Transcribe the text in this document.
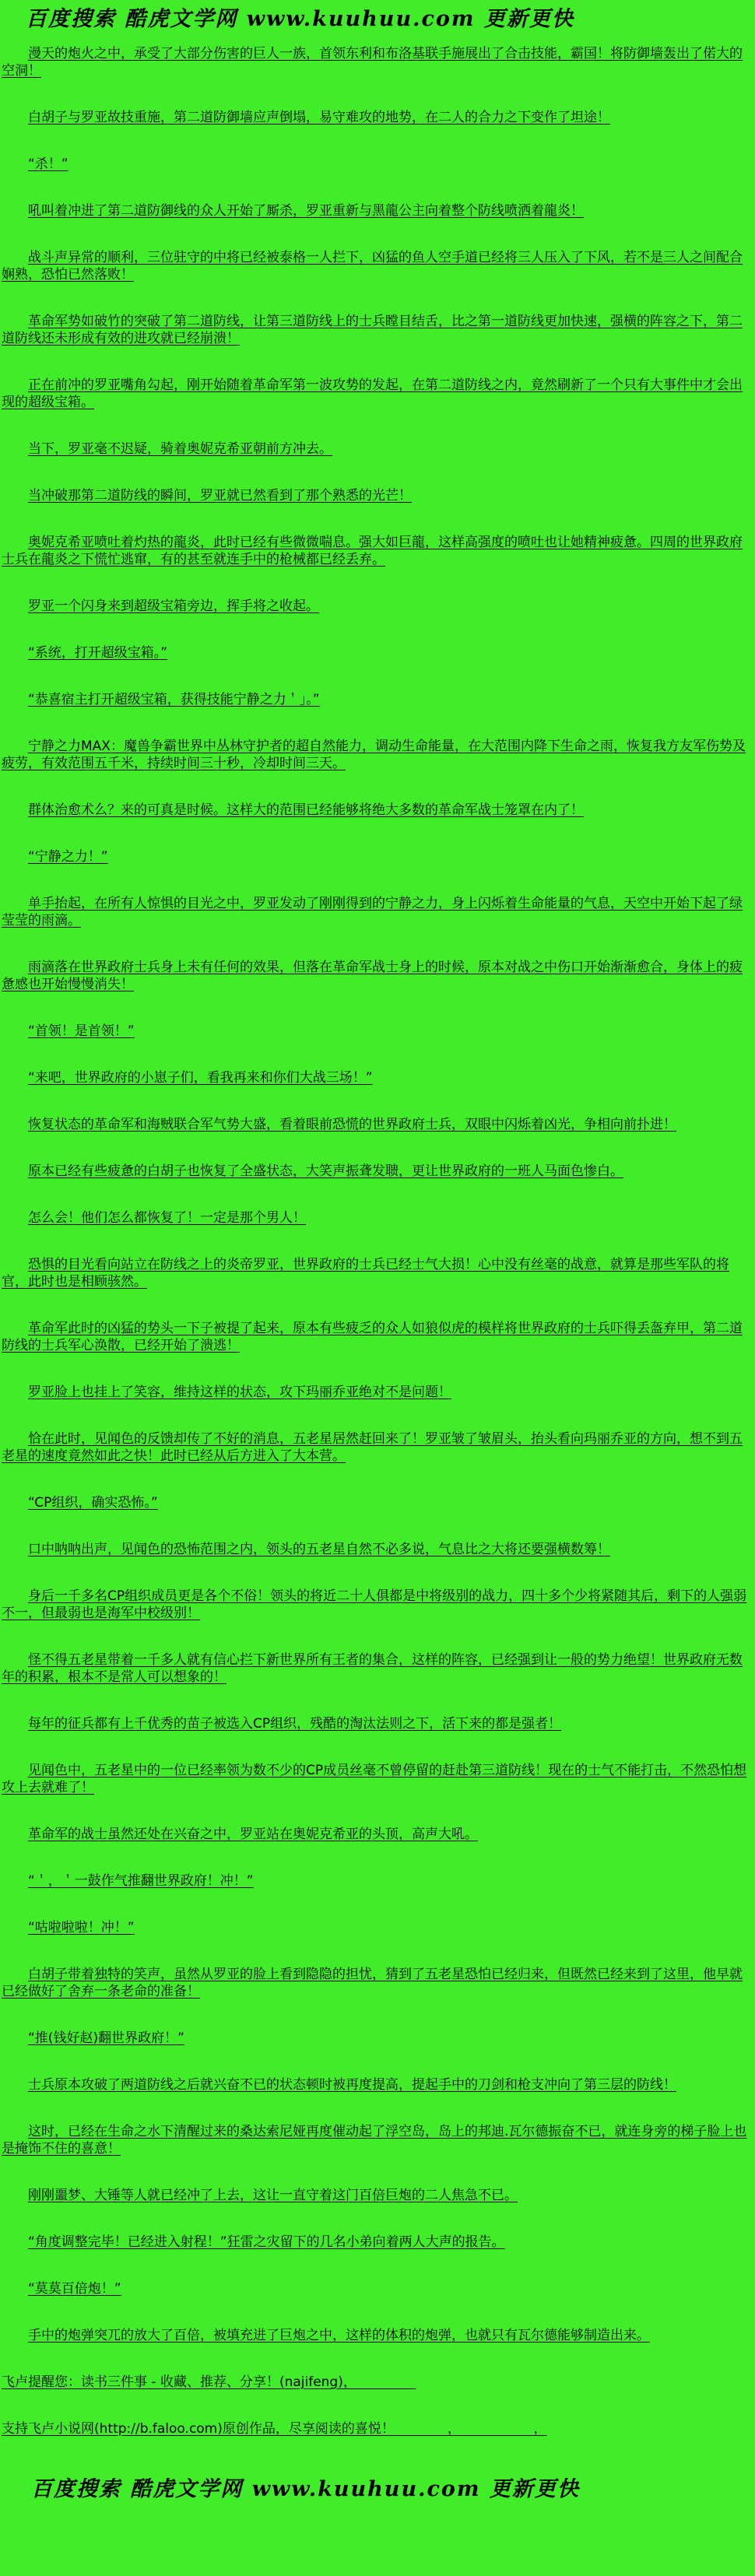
百度搜索 酷虎文学网 www.kuuhuu.com 更新更快

漫天的炮火之中，承受了大部分伤害的巨人一族，首领东利和布洛基联手施展出了合击技能，霸国！将防御墙轰出了偌大的空洞！

白胡子与罗亚故技重施，第二道防御墙应声倒塌，易守难攻的地势，在二人的合力之下变作了坦途！

“杀！”

吼叫着冲进了第二道防御线的众人开始了厮杀，罗亚重新与黑龍公主向着整个防线喷洒着龍炎！

战斗声异常的顺利，三位驻守的中将已经被泰格一人拦下，凶猛的鱼人空手道已经将三人压入了下风，若不是三人之间配合娴熟，恐怕已然落败！

革命军势如破竹的突破了第二道防线，让第三道防线上的士兵瞠目结舌，比之第一道防线更加快速，强横的阵容之下，第二道防线还未形成有效的进攻就已经崩溃！

正在前冲的罗亚嘴角勾起，刚开始随着革命军第一波攻势的发起，在第二道防线之内，竟然刷新了一个只有大事件中才会出现的超级宝箱。

当下，罗亚毫不迟疑，骑着奥妮克希亚朝前方冲去。

当冲破那第二道防线的瞬间，罗亚就已然看到了那个熟悉的光芒！

奥妮克希亚喷吐着灼热的龍炎，此时已经有些微微喘息。强大如巨龍，这样高强度的喷吐也让她精神疲惫。四周的世界政府士兵在龍炎之下慌忙逃窜，有的甚至就连手中的枪械都已经丢弃。

罗亚一个闪身来到超级宝箱旁边，挥手将之收起。

“系统，打开超级宝箱。”

“恭喜宿主打开超级宝箱，获得技能宁静之力＇」。”

宁静之力MAX：魔兽争霸世界中丛林守护者的超自然能力，调动生命能量，在大范围内降下生命之雨，恢复我方友军伤势及疲劳，有效范围五千米，持续时间三十秒，冷却时间三天。

群体治愈术么？来的可真是时候。这样大的范围已经能够将绝大多数的革命军战士笼罩在内了！

“宁静之力！”

单手抬起，在所有人惊惧的目光之中，罗亚发动了刚刚得到的宁静之力，身上闪烁着生命能量的气息，天空中开始下起了绿莹莹的雨滴。

雨滴落在世界政府士兵身上未有任何的效果，但落在革命军战士身上的时候，原本对战之中伤口开始渐渐愈合，身体上的疲惫感也开始慢慢消失！

“首领！是首领！”

“来吧，世界政府的小崽子们，看我再来和你们大战三场！”

恢复状态的革命军和海贼联合军气势大盛，看着眼前恐慌的世界政府士兵，双眼中闪烁着凶光，争相向前扑进！

原本已经有些疲惫的白胡子也恢复了全盛状态，大笑声振聋发聩，更让世界政府的一班人马面色惨白。

怎么会！他们怎么都恢复了！一定是那个男人！

恐惧的目光看向站立在防线之上的炎帝罗亚，世界政府的士兵已经士气大损！心中没有丝毫的战意，就算是那些军队的将官，此时也是相顾骇然。

革命军此时的凶猛的势头一下子被提了起来，原本有些疲乏的众人如狼似虎的模样将世界政府的士兵吓得丢盔弃甲，第二道防线的士兵军心涣散，已经开始了溃逃！

罗亚脸上也挂上了笑容，维持这样的状态，攻下玛丽乔亚绝对不是问题！

恰在此时，见闻色的反馈却传了不好的消息，五老星居然赶回来了！罗亚皱了皱眉头，抬头看向玛丽乔亚的方向，想不到五老星的速度竟然如此之快！此时已经从后方进入了大本营。

“CP组织，确实恐怖。”

口中呐呐出声，见闻色的恐怖范围之内，领头的五老星自然不必多说，气息比之大将还要强横数筹！

身后一千多名CP组织成员更是各个不俗！领头的将近二十人俱都是中将级别的战力，四十多个少将紧随其后，剩下的人强弱不一，但最弱也是海军中校级别！

怪不得五老星带着一千多人就有信心拦下新世界所有王者的集合，这样的阵容，已经强到让一般的势力绝望！世界政府无数年的积累，根本不是常人可以想象的！

每年的征兵都有上千优秀的苗子被选入CP组织，残酷的淘汰法则之下，活下来的都是强者！

见闻色中，五老星中的一位已经率领为数不少的CP成员丝毫不曾停留的赶赴第三道防线！现在的士气不能打击，不然恐怕想攻上去就难了！

革命军的战士虽然还处在兴奋之中，罗亚站在奥妮克希亚的头顶，高声大吼。

“＇，＇一鼓作气推翻世界政府！冲！”

“咕啦啦啦！冲！”

白胡子带着独特的笑声，虽然从罗亚的脸上看到隐隐的担忧，猜到了五老星恐怕已经归来，但既然已经来到了这里，他早就已经做好了舍弃一条老命的准备！

“推(钱好赵)翻世界政府！”

士兵原本攻破了两道防线之后就兴奋不已的状态顿时被再度提高，提起手中的刀剑和枪支冲向了第三层的防线！

这时，已经在生命之水下清醒过来的桑达索尼娅再度催动起了浮空岛，岛上的邦迪.瓦尔德振奋不已，就连身旁的梯子脸上也是掩饰不住的喜意！

刚刚噩梦、大锤等人就已经冲了上去，这让一直守着这门百倍巨炮的二人焦急不已。

“角度调整完毕！已经进入射程！”狂雷之灾留下的几名小弟向着两人大声的报告。

“莫莫百倍炮！”

手中的炮弹突兀的放大了百倍，被填充进了巨炮之中，这样的体积的炮弹，也就只有瓦尔德能够制造出来。

飞卢提醒您：读书三件事 - 收藏、推荐、分享！(najifeng)，　　　　　

支持飞卢小说网(http://b.faloo.com)原创作品，尽享阅读的喜悦！　　　　，　　　　　　，

百度搜索 酷虎文学网 www.kuuhuu.com 更新更快
